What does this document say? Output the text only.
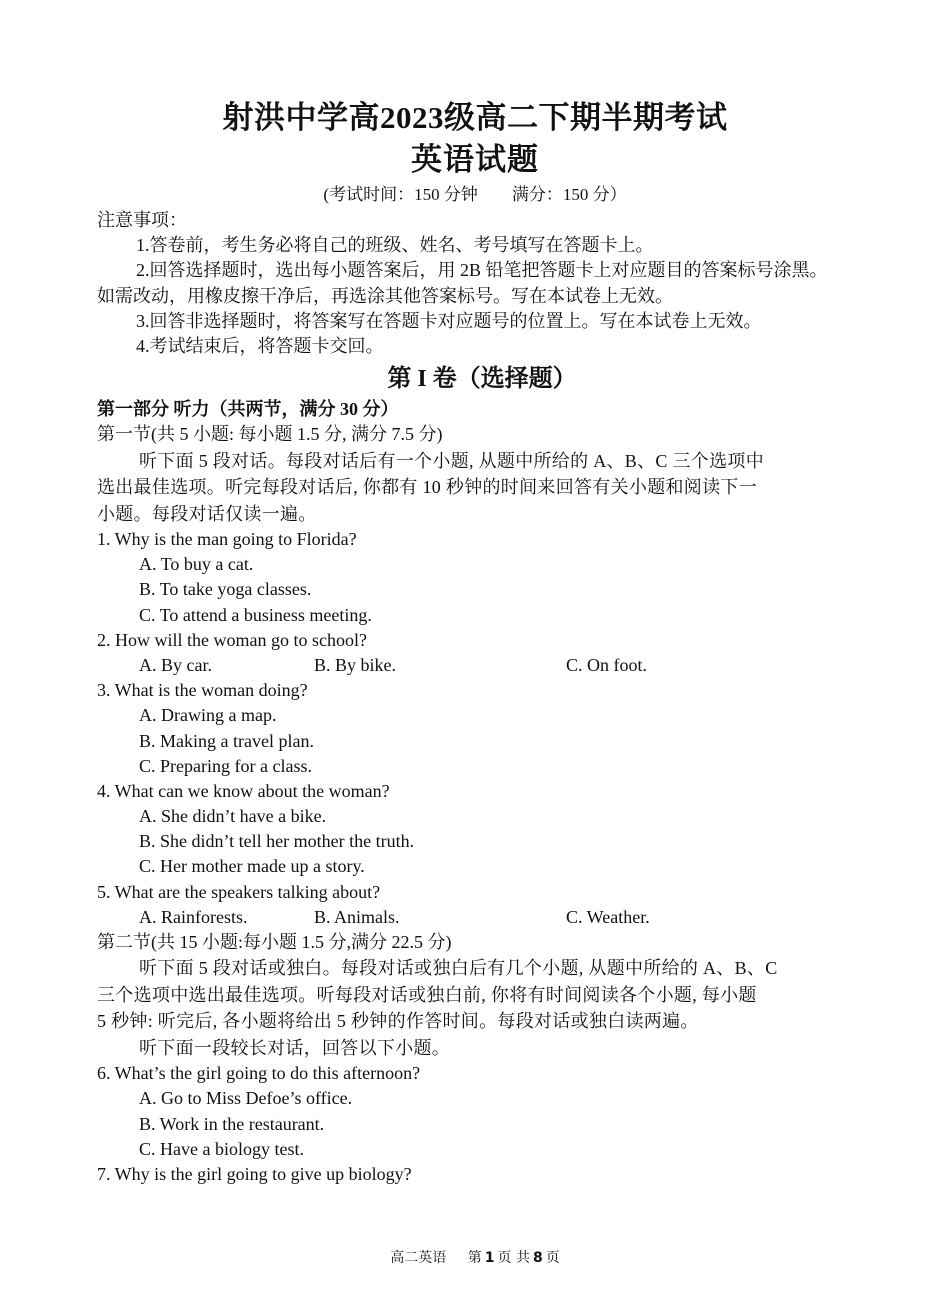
射洪中学高2023级高二下期半期考试
英语试题
(考试时间：150 分钟        满分：150 分）
注意事项：
1.答卷前，考生务必将自己的班级、姓名、考号填写在答题卡上。
2.回答选择题时，选出每小题答案后，用 2B 铅笔把答题卡上对应题目的答案标号涂黑。
如需改动，用橡皮擦干净后，再选涂其他答案标号。写在本试卷上无效。
3.回答非选择题时，将答案写在答题卡对应题号的位置上。写在本试卷上无效。
4.考试结束后，将答题卡交回。
第 I 卷（选择题）
第一部分 听力（共两节，满分 30 分）
第一节(共 5 小题: 每小题 1.5 分, 满分 7.5 分)
听下面 5 段对话。每段对话后有一个小题, 从题中所给的 A、B、C 三个选项中
选出最佳选项。听完每段对话后, 你都有 10 秒钟的时间来回答有关小题和阅读下一
小题。每段对话仅读一遍。
1. Why is the man going to Florida?
A. To buy a cat.
B. To take yoga classes.
C. To attend a business meeting.
2. How will the woman go to school?
A. By car.	B. By bike.	C. On foot.
3. What is the woman doing?
A. Drawing a map.
B. Making a travel plan.
C. Preparing for a class.
4. What can we know about the woman?
A. She didn’t have a bike.
B. She didn’t tell her mother the truth.
C. Her mother made up a story.
5. What are the speakers talking about?
A. Rainforests.	B. Animals.	C. Weather.
第二节(共 15 小题:每小题 1.5 分,满分 22.5 分)
听下面 5 段对话或独白。每段对话或独白后有几个小题, 从题中所给的 A、B、C
三个选项中选出最佳选项。听每段对话或独白前, 你将有时间阅读各个小题, 每小题
5 秒钟: 听完后, 各小题将给出 5 秒钟的作答时间。每段对话或独白读两遍。
听下面一段较长对话，回答以下小题。
6. What’s the girl going to do this afternoon?
A. Go to Miss Defoe’s office.
B. Work in the restaurant.
C. Have a biology test.
7. Why is the girl going to give up biology?
高二英语 第 1 页 共 8 页
